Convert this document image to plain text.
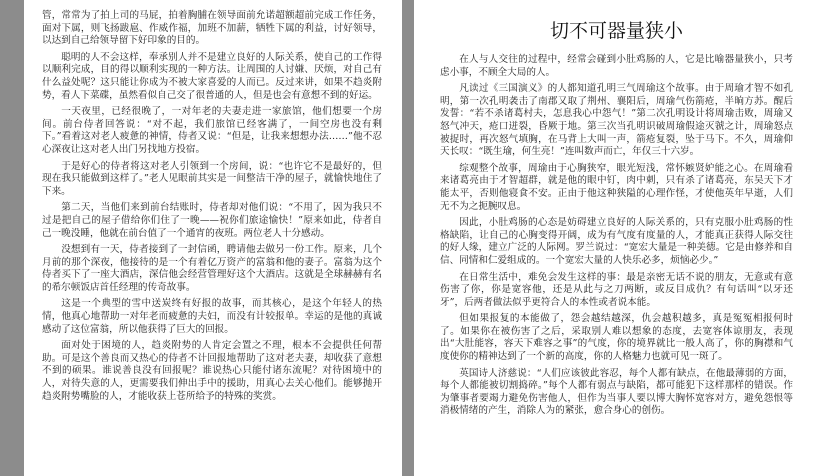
管，常常为了拍上司的马屁，拍着胸脯在领导面前允诺超额超前完成工作任务，面对下属，则飞扬跋扈、作威作福，加班不加薪，牺牲下属的利益，讨好领导，以达到自己给领导留下好印象的目的。

聪明的人不会这样，奉承别人并不是建立良好的人际关系，使自己的工作得以顺利完成，目的得以顺利实现的一种方法。让周围的人讨嫌、厌烦，对自己有什么益处呢？这只能让你成为不被大家喜爱的人而已。反过来讲，如果不趋炎附势，看人下菜碟，虽然看似自己交了很普通的人，但是也会有意想不到的好运。

一天夜里，已经很晚了，一对年老的夫妻走进一家旅馆，他们想要一个房间。前台侍者回答说：“对不起，我们旅馆已经客满了，一间空房也没有剩下。”看着这对老人疲惫的神情，侍者又说：“但是，让我来想想办法……”他不忍心深夜让这对老人出门另找地方投宿。

于是好心的侍者将这对老人引领到一个房间，说：“也许它不是最好的，但现在我只能做到这样了。”老人见眼前其实是一间整洁干净的屋子，就愉快地住了下来。

第二天，当他们来到前台结账时，侍者却对他们说：“不用了，因为我只不过是把自己的屋子借给你们住了一晚——祝你们旅途愉快！”原来如此，侍者自己一晚没睡，他就在前台值了一个通宵的夜班。两位老人十分感动。

没想到有一天，侍者接到了一封信函，聘请他去做另一份工作。原来，几个月前的那个深夜，他接待的是一个有着亿万资产的富翁和他的妻子。富翁为这个侍者买下了一座大酒店，深信他会经营管理好这个大酒店。这就是全球赫赫有名的希尔顿饭店首任经理的传奇故事。

这是一个典型的雪中送炭终有好报的故事，而其核心，是这个年轻人的热情，他真心地帮助一对年老而疲惫的夫妇，而没有计较报单。幸运的是他的真诚感动了这位富翁，所以他获得了巨大的回报。

面对处于困境的人，趋炎附势的人肯定会置之不理，根本不会提供任何帮助。可是这个善良而又热心的侍者不计回报地帮助了这对老夫妻，却收获了意想不到的硕果。谁说善良没有回报呢？谁说热心只能付诸东流呢？对待困境中的人，对待失意的人，更需要我们伸出手中的援助，用真心去关心他们。能够抛开趋炎附势嘴脸的人，才能收获上苍所给予的特殊的奖赏。

切不可器量狭小

在人与人交往的过程中，经常会碰到小肚鸡肠的人，它是比喻器量狭小，只考虑小事，不顾全大局的人。

凡读过《三国演义》的人都知道孔明三气周瑜这个故事。由于周瑜才智不如孔明，第一次孔明袭击了南郡又取了荆州、襄阳后，周瑜气伤箭疮，半晌方苏。醒后发誓：“若不杀诸葛村夫，怎息我心中怨气！”第二次孔明设计将周瑜击败，周瑜又怒气冲天，疮口迸裂，昏厥于地。第三次当孔明识破周瑜假途灭虢之计，周瑜怒点被捉时，再次怒气填胸，在马背上大叫一声，箭疮复裂，坠于马下。不久，周瑜仰天长叹：“既生瑜，何生亮！”连叫数声而亡，年仅三十六岁。

综观整个故事，周瑜由于心胸狭窄，眼光短浅，常怀嫉贤妒能之心。在周瑜看来诸葛亮由于才智超群，就是他的眼中钉，肉中刺，只有杀了诸葛亮，东吴天下才能太平，否则他寝食不安。正由于他这种狭隘的心理作怪，才使他英年早逝，人们无不为之扼腕叹息。

因此，小肚鸡肠的心态是妨碍建立良好的人际关系的，只有克服小肚鸡肠的性格缺陷，让自己的心胸变得开阔，成为有气度有度量的人，才能真正获得人际交往的好人缘，建立广泛的人际网。罗兰说过：“宽宏大量是一种美德。它是由修养和自信、同情和仁爱组成的。一个宽宏大量的人快乐必多，烦恼必少。”

在日常生活中，难免会发生这样的事：最是亲密无话不说的朋友，无意或有意伤害了你，你是宽容他，还是从此与之刀两断，或反目成仇？有句话叫“以牙还牙”，后两者做法似乎更符合人的本性或者说本能。

但如果报复的本能做了，怨会越结越深，仇会越积越多，真是冤冤相报何时了。如果你在被伤害了之后，采取别人难以想象的态度，去宽容体谅朋友，表现出“大肚能容，容天下难容之事”的气度，你的境界就比一般人高了，你的胸襟和气度使你的精神达到了一个新的高度，你的人格魅力也就可见一斑了。

英国诗人济慈说：“人们应该彼此容忍，每个人都有缺点，在他最薄弱的方面，每个人都能被切割捣碎。”每个人都有弱点与缺陷，都可能犯下这样那样的错误。作为肇事者要竭力避免伤害他人，但作为当事人要以博大胸怀宽容对方，避免怨恨等消极情绪的产生，消除人为的紧张，愈合身心的创伤。
